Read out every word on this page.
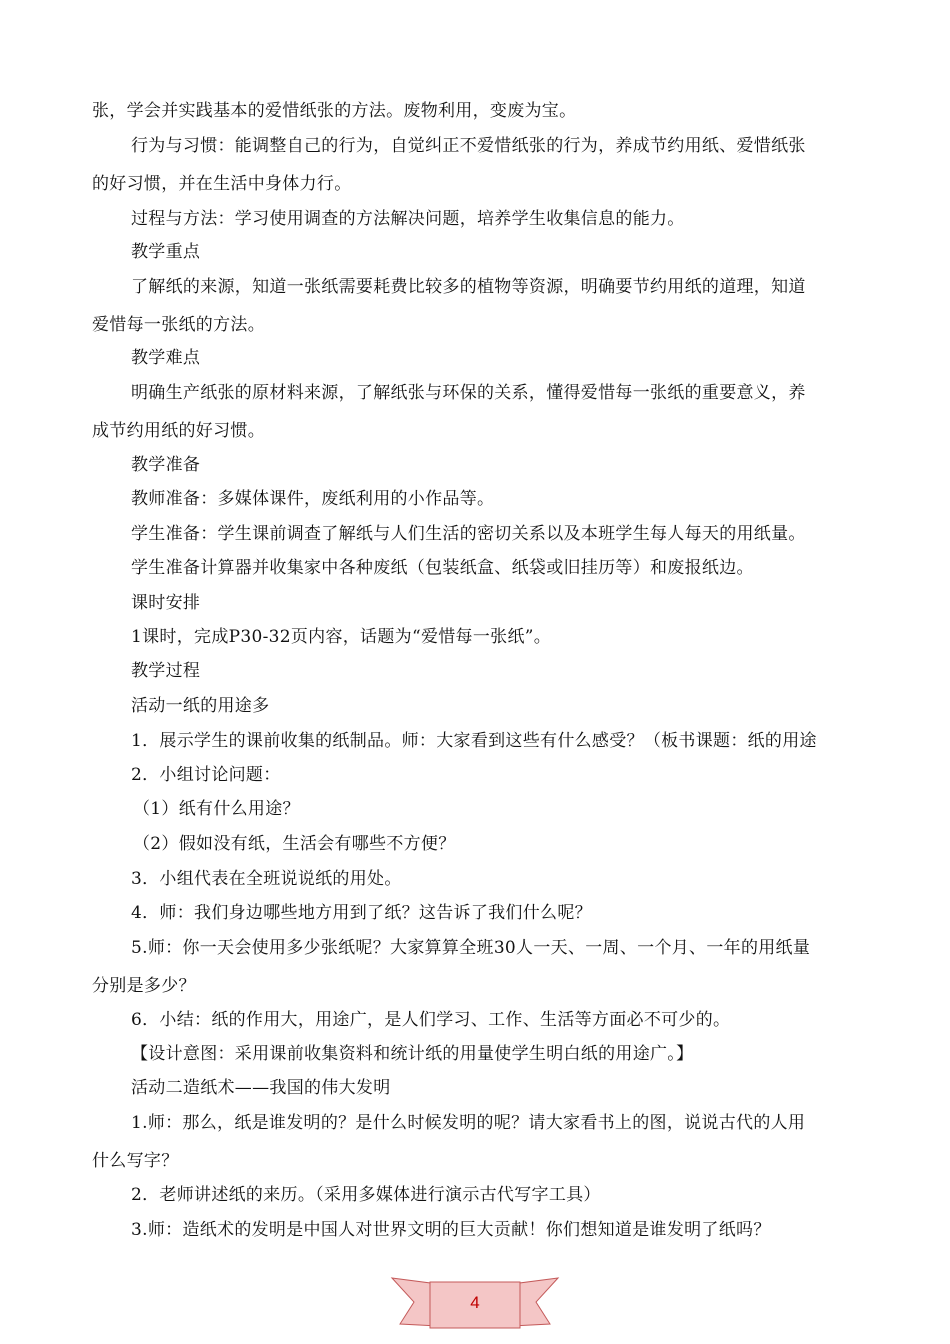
张，学会并实践基本的爱惜纸张的方法。废物利用，变废为宝。
行为与习惯：能调整自己的行为，自觉纠正不爱惜纸张的行为，养成节约用纸、爱惜纸张
的好习惯，并在生活中身体力行。
过程与方法：学习使用调查的方法解决问题，培养学生收集信息的能力。
教学重点
了解纸的来源，知道一张纸需要耗费比较多的植物等资源，明确要节约用纸的道理，知道
爱惜每一张纸的方法。
教学难点
明确生产纸张的原材料来源，了解纸张与环保的关系，懂得爱惜每一张纸的重要意义，养
成节约用纸的好习惯。
教学准备
教师准备：多媒体课件，废纸利用的小作品等。
学生准备：学生课前调查了解纸与人们生活的密切关系以及本班学生每人每天的用纸量。
学生准备计算器并收集家中各种废纸（包装纸盒、纸袋或旧挂历等）和废报纸边。
课时安排
1课时，完成P30-32页内容，话题为“爱惜每一张纸”。
教学过程
活动一纸的用途多
1．展示学生的课前收集的纸制品。师：大家看到这些有什么感受？（板书课题：纸的用途
2．小组讨论问题：
（1）纸有什么用途？
（2）假如没有纸，生活会有哪些不方便？
3．小组代表在全班说说纸的用处。
4．师：我们身边哪些地方用到了纸？这告诉了我们什么呢？
5.师：你一天会使用多少张纸呢？大家算算全班30人一天、一周、一个月、一年的用纸量
分别是多少？
6．小结：纸的作用大，用途广，是人们学习、工作、生活等方面必不可少的。
【设计意图：采用课前收集资料和统计纸的用量使学生明白纸的用途广。】
活动二造纸术——我国的伟大发明
1.师：那么，纸是谁发明的？是什么时候发明的呢？请大家看书上的图，说说古代的人用
什么写字？
2．老师讲述纸的来历。（采用多媒体进行演示古代写字工具）
3.师：造纸术的发明是中国人对世界文明的巨大贡献！你们想知道是谁发明了纸吗？
4
